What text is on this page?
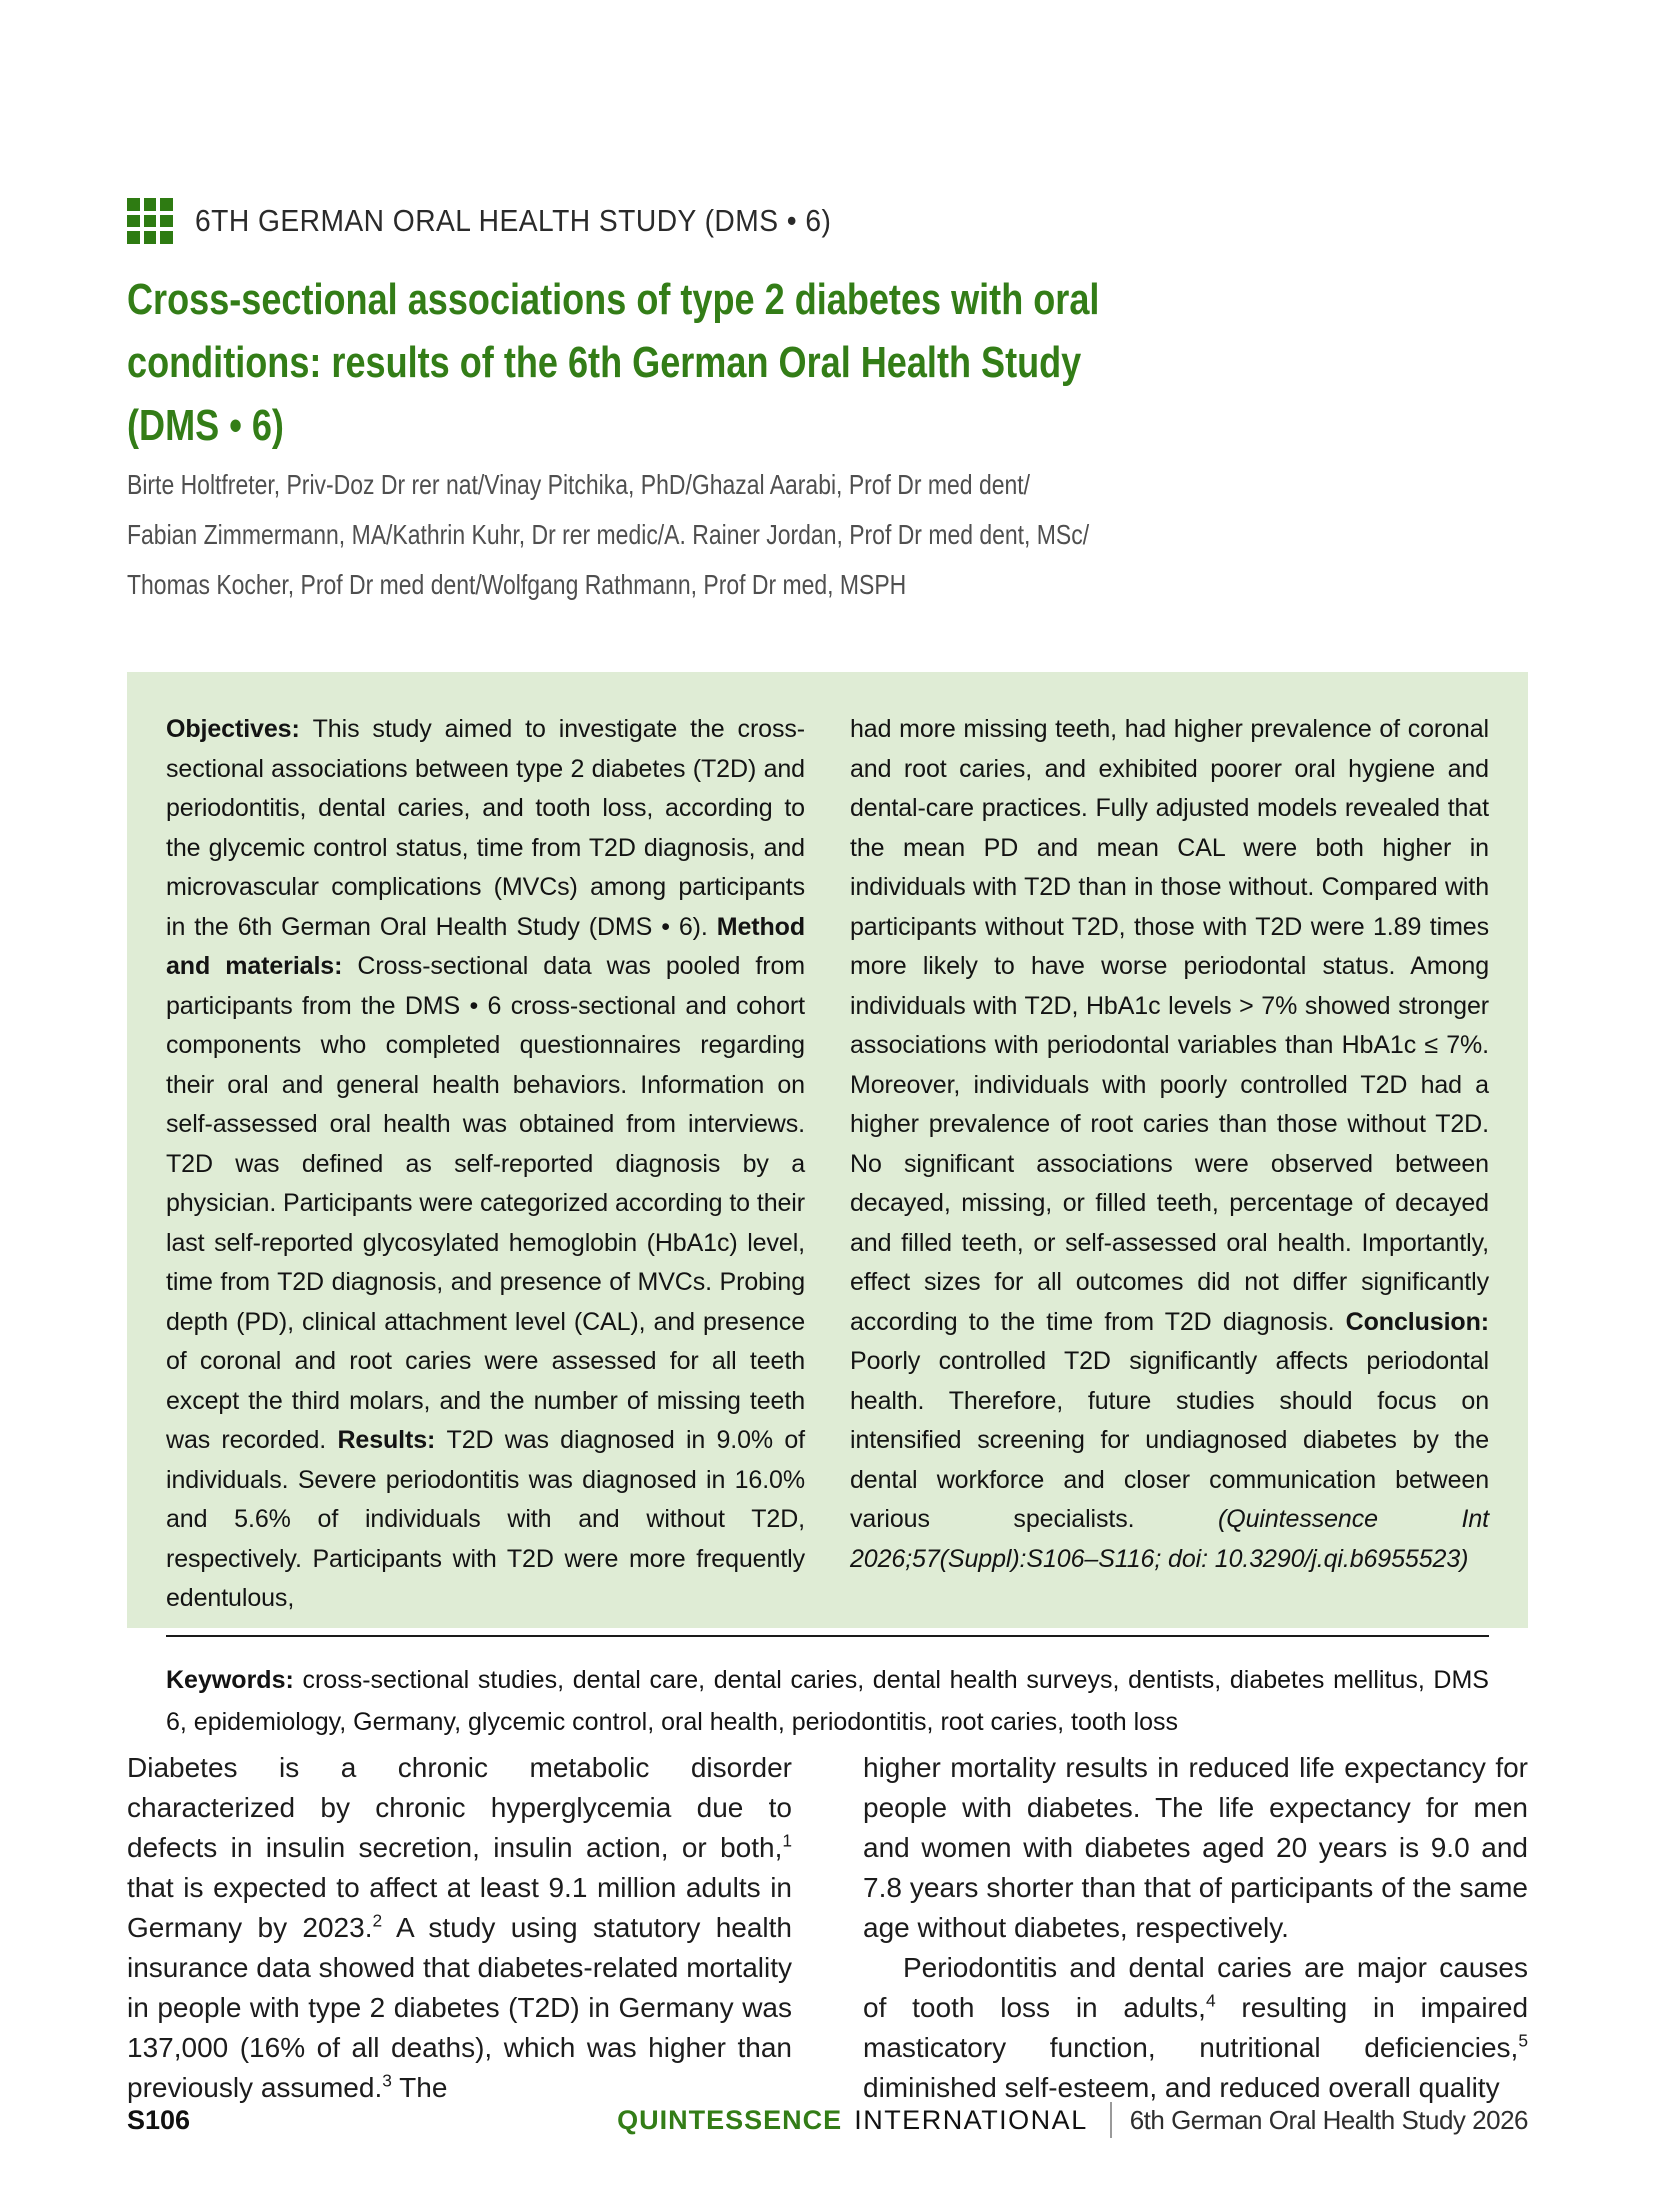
6TH GERMAN ORAL HEALTH STUDY (DMS • 6)
Cross-sectional associations of type 2 diabetes with oral
conditions: results of the 6th German Oral Health Study
(DMS • 6)
Birte Holtfreter, Priv-Doz Dr rer nat/Vinay Pitchika, PhD/Ghazal Aarabi, Prof Dr med dent/
Fabian Zimmermann, MA/Kathrin Kuhr, Dr rer medic/A. Rainer Jordan, Prof Dr med dent, MSc/
Thomas Kocher, Prof Dr med dent/Wolfgang Rathmann, Prof Dr med, MSPH
Objectives: This study aimed to investigate the cross-sectional associations between type 2 diabetes (T2D) and periodontitis, dental caries, and tooth loss, according to the glycemic control status, time from T2D diagnosis, and microvascular complications (MVCs) among participants in the 6th German Oral Health Study (DMS • 6). Method and materials: Cross-sectional data was pooled from participants from the DMS • 6 cross-sectional and cohort components who completed questionnaires regarding their oral and general health behaviors. Information on self-assessed oral health was obtained from interviews. T2D was defined as self-reported diagnosis by a physician. Participants were categorized according to their last self-reported glycosylated hemoglobin (HbA1c) level, time from T2D diagnosis, and presence of MVCs. Probing depth (PD), clinical attachment level (CAL), and presence of coronal and root caries were assessed for all teeth except the third molars, and the number of missing teeth was recorded. Results: T2D was diagnosed in 9.0% of individuals. Severe periodontitis was diagnosed in 16.0% and 5.6% of individuals with and without T2D, respectively. Participants with T2D were more frequently edentulous,
had more missing teeth, had higher prevalence of coronal and root caries, and exhibited poorer oral hygiene and dental-care practices. Fully adjusted models revealed that the mean PD and mean CAL were both higher in individuals with T2D than in those without. Compared with participants without T2D, those with T2D were 1.89 times more likely to have worse periodontal status. Among individuals with T2D, HbA1c levels > 7% showed stronger associations with periodontal variables than HbA1c ≤ 7%. Moreover, individuals with poorly controlled T2D had a higher prevalence of root caries than those without T2D. No significant associations were observed between decayed, missing, or filled teeth, percentage of decayed and filled teeth, or self-assessed oral health. Importantly, effect sizes for all outcomes did not differ significantly according to the time from T2D diagnosis. Conclusion: Poorly controlled T2D significantly affects periodontal health. Therefore, future studies should focus on intensified screening for undiagnosed diabetes by the dental workforce and closer communication between various specialists. (Quintessence Int 2026;57(Suppl):S106–S116; doi: 10.3290/j.qi.b6955523)
Keywords: cross-sectional studies, dental care, dental caries, dental health surveys, dentists, diabetes mellitus, DMS 6, epidemiology, Germany, glycemic control, oral health, periodontitis, root caries, tooth loss

Diabetes is a chronic metabolic disorder characterized by chronic hyperglycemia due to defects in insulin secretion, insulin action, or both,$^1$ that is expected to affect at least 9.1 million adults in Germany by 2023.$^2$ A study using statutory health insurance data showed that diabetes-related mortality in people with type 2 diabetes (T2D) in Germany was 137,000 (16% of all deaths), which was higher than previously assumed.$^3$ The

higher mortality results in reduced life expectancy for people with diabetes. The life expectancy for men and women with diabetes aged 20 years is 9.0 and 7.8 years shorter than that of participants of the same age without diabetes, respectively.

Periodontitis and dental caries are major causes of tooth loss in adults,$^4$ resulting in impaired masticatory function, nutritional deficiencies,$^5$ diminished self-esteem, and reduced overall quality

S106	QUINTESSENCE INTERNATIONAL 6th German Oral Health Study 2026
